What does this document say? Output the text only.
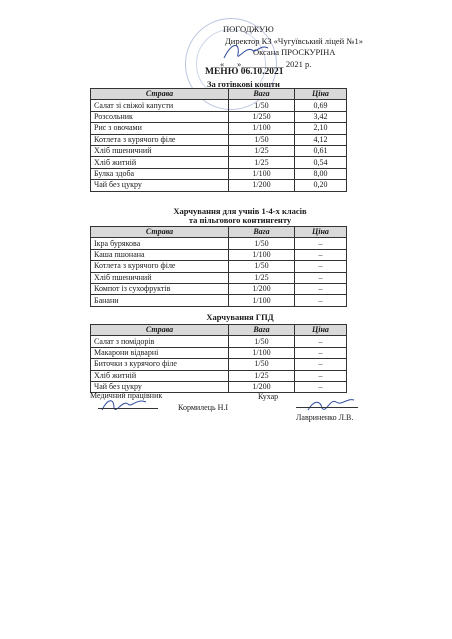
ПОГОДЖУЮ
Директор КЗ «Чугуївський ліцей №1»
Оксана ПРОСКУРІНА
«___»__________ 2021 р.
МЕНЮ 06.10.2021
За готівкові кошти
Страва	Вага	Ціна
Салат зі свіжої капусти	1/50	0,69
Розсольник	1/250	3,42
Рис з овочами	1/100	2,10
Котлета з курячого філе	1/50	4,12
Хліб пшеничний	1/25	0,61
Хліб житній	1/25	0,54
Булка здоба	1/100	8,00
Чай без цукру	1/200	0,20
Харчування для учнів 1-4-х класів
та пільгового контингенту
Страва	Вага	Ціна
Ікра бурякова	1/50	–
Каша пшонана	1/100	–
Котлета з курячого філе	1/50	–
Хліб пшеничний	1/25	–
Компот із сухофруктів	1/200	–
Банани	1/100	–
Харчування ГПД
Страва	Вага	Ціна
Салат з помідорів	1/50	–
Макарони відварні	1/100	–
Биточки з курячого філе	1/50	–
Хліб житній	1/25	–
Чай без цукру	1/200	–
Медичний працівник
Кормилець Н.І
Кухар
Лавриненко Л.В.
